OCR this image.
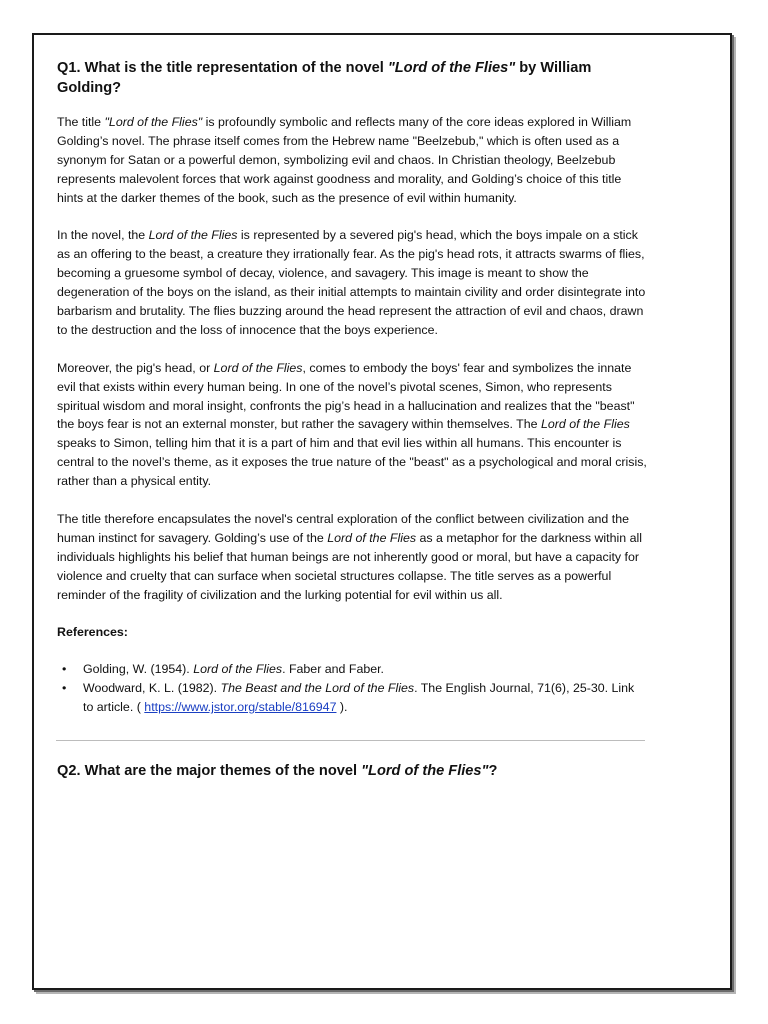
Q1. What is the title representation of the novel "Lord of the Flies" by William Golding?

The title "Lord of the Flies" is profoundly symbolic and reflects many of the core ideas explored in William Golding’s novel. The phrase itself comes from the Hebrew name "Beelzebub," which is often used as a synonym for Satan or a powerful demon, symbolizing evil and chaos. In Christian theology, Beelzebub represents malevolent forces that work against goodness and morality, and Golding’s choice of this title hints at the darker themes of the book, such as the presence of evil within humanity.

In the novel, the Lord of the Flies is represented by a severed pig's head, which the boys impale on a stick as an offering to the beast, a creature they irrationally fear. As the pig's head rots, it attracts swarms of flies, becoming a gruesome symbol of decay, violence, and savagery. This image is meant to show the degeneration of the boys on the island, as their initial attempts to maintain civility and order disintegrate into barbarism and brutality. The flies buzzing around the head represent the attraction of evil and chaos, drawn to the destruction and the loss of innocence that the boys experience.

Moreover, the pig's head, or Lord of the Flies, comes to embody the boys' fear and symbolizes the innate evil that exists within every human being. In one of the novel’s pivotal scenes, Simon, who represents spiritual wisdom and moral insight, confronts the pig’s head in a hallucination and realizes that the "beast" the boys fear is not an external monster, but rather the savagery within themselves. The Lord of the Flies speaks to Simon, telling him that it is a part of him and that evil lies within all humans. This encounter is central to the novel’s theme, as it exposes the true nature of the "beast" as a psychological and moral crisis, rather than a physical entity.

The title therefore encapsulates the novel's central exploration of the conflict between civilization and the human instinct for savagery. Golding’s use of the Lord of the Flies as a metaphor for the darkness within all individuals highlights his belief that human beings are not inherently good or moral, but have a capacity for violence and cruelty that can surface when societal structures collapse. The title serves as a powerful reminder of the fragility of civilization and the lurking potential for evil within us all.

References:
• Golding, W. (1954). Lord of the Flies. Faber and Faber.
• Woodward, K. L. (1982). The Beast and the Lord of the Flies. The English Journal, 71(6), 25-30. Link to article. ( https://www.jstor.org/stable/816947 ).
Q2. What are the major themes of the novel "Lord of the Flies"?
